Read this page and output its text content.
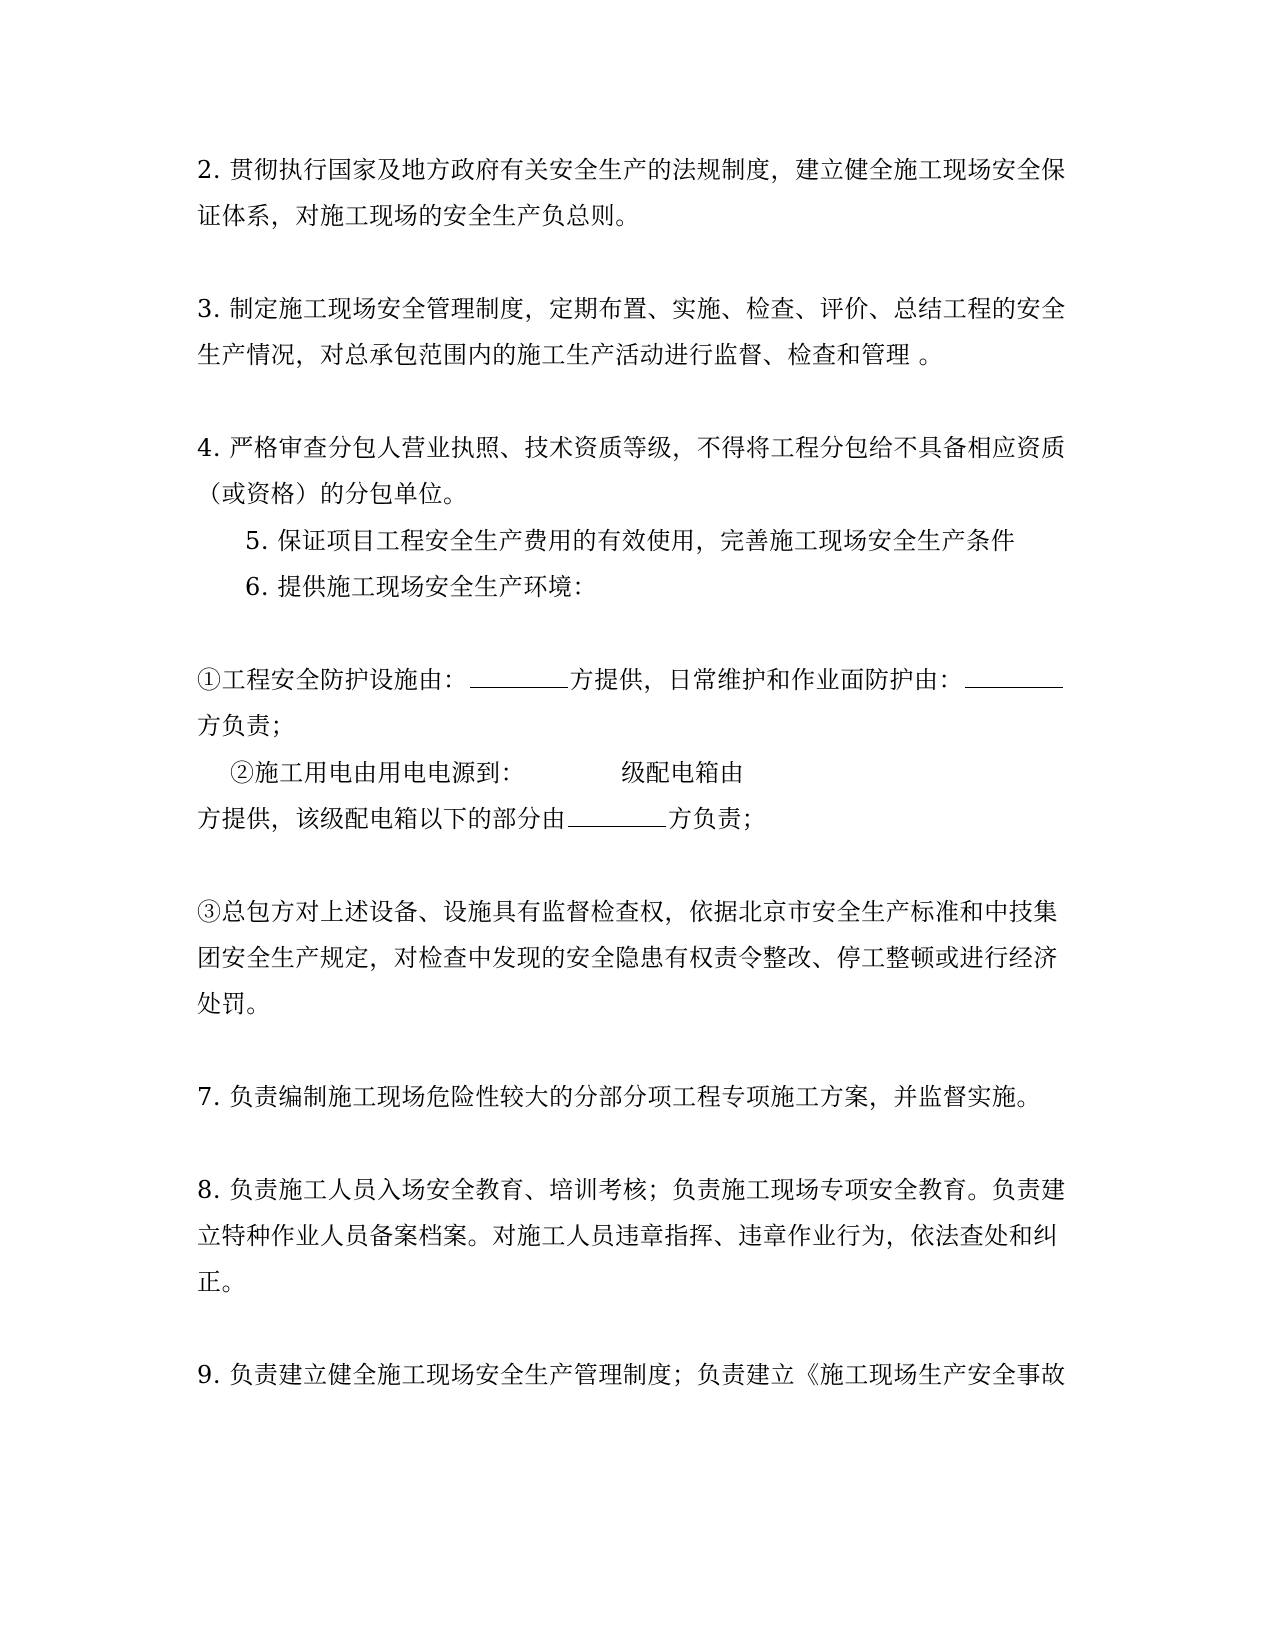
2. 贯彻执行国家及地方政府有关安全生产的法规制度，建立健全施工现场安全保
证体系，对施工现场的安全生产负总则。
3. 制定施工现场安全管理制度，定期布置、实施、检查、评价、总结工程的安全
生产情况，对总承包范围内的施工生产活动进行监督、检查和管理 。
4. 严格审查分包人营业执照、技术资质等级，不得将工程分包给不具备相应资质
（或资格）的分包单位。
5. 保证项目工程安全生产费用的有效使用，完善施工现场安全生产条件
6. 提供施工现场安全生产环境：
①工程安全防护设施由：	方提供，日常维护和作业面防护由：
方负责；
②施工用电由用电电源到：	级配电箱由
方提供，该级配电箱以下的部分由	方负责；
③总包方对上述设备、设施具有监督检查权，依据北京市安全生产标准和中技集
团安全生产规定，对检查中发现的安全隐患有权责令整改、停工整顿或进行经济
处罚。
7. 负责编制施工现场危险性较大的分部分项工程专项施工方案，并监督实施。
8. 负责施工人员入场安全教育、培训考核；负责施工现场专项安全教育。负责建
立特种作业人员备案档案。对施工人员违章指挥、违章作业行为，依法查处和纠
正。
9. 负责建立健全施工现场安全生产管理制度；负责建立《施工现场生产安全事故
